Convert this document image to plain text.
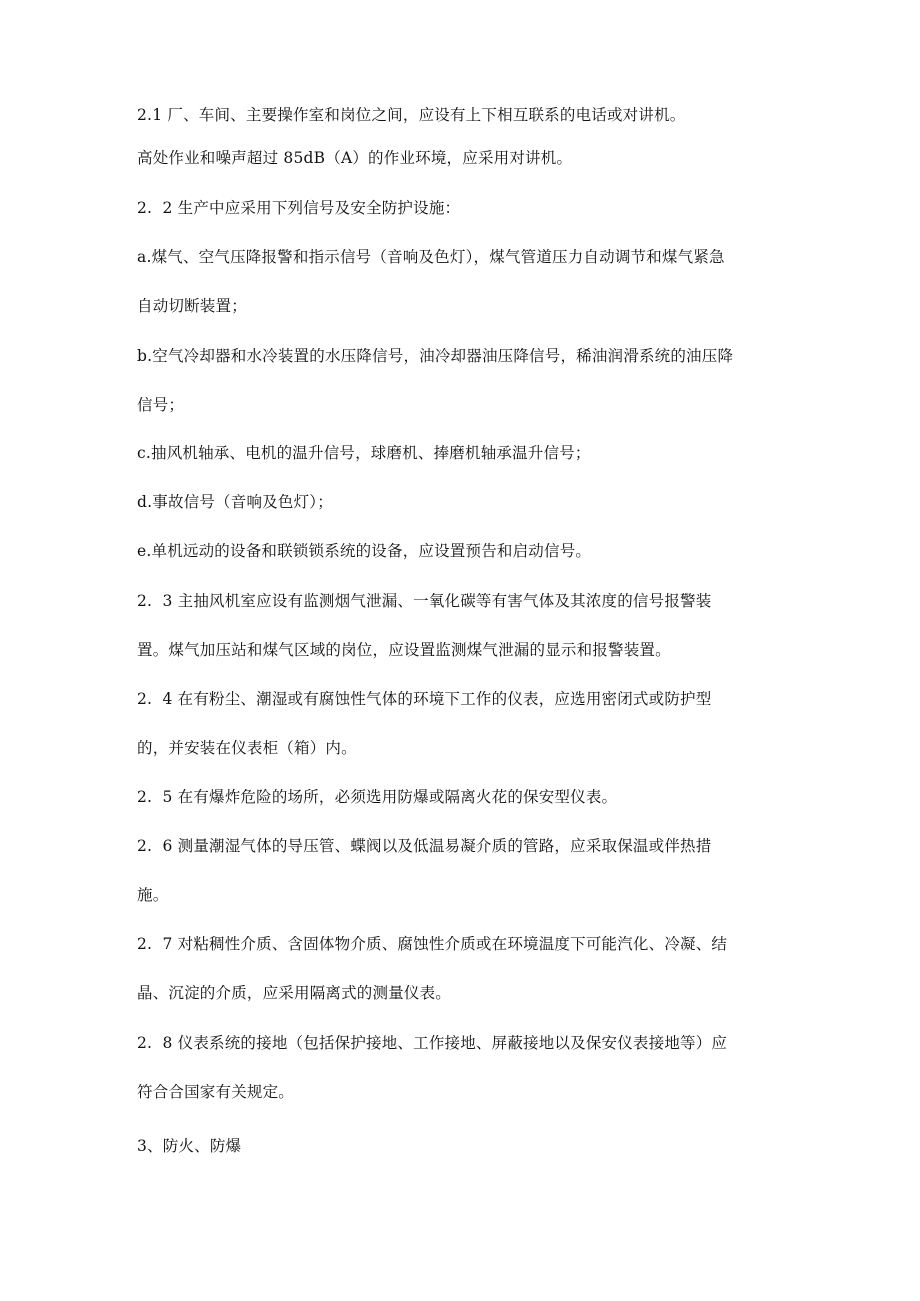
2.1 厂、车间、主要操作室和岗位之间，应设有上下相互联系的电话或对讲机。
高处作业和噪声超过 85dB（A）的作业环境，应采用对讲机。
2.  2 生产中应采用下列信号及安全防护设施：
a.煤气、空气压降报警和指示信号（音响及色灯），煤气管道压力自动调节和煤气紧急
自动切断装置；
b.空气冷却器和水冷装置的水压降信号，油冷却器油压降信号，稀油润滑系统的油压降
信号；
c.抽风机轴承、电机的温升信号，球磨机、捧磨机轴承温升信号；
d.事故信号（音响及色灯）；
e.单机远动的设备和联锁锁系统的设备，应设置预告和启动信号。
2.  3 主抽风机室应设有监测烟气泄漏、一氧化碳等有害气体及其浓度的信号报警装
置。煤气加压站和煤气区域的岗位，应设置监测煤气泄漏的显示和报警装置。
2.  4 在有粉尘、潮湿或有腐蚀性气体的环境下工作的仪表，应选用密闭式或防护型
的，并安装在仪表柜（箱）内。
2.  5 在有爆炸危险的场所，必须选用防爆或隔离火花的保安型仪表。
2.  6 测量潮湿气体的导压管、蝶阀以及低温易凝介质的管路，应采取保温或伴热措
施。
2.  7 对粘稠性介质、含固体物介质、腐蚀性介质或在环境温度下可能汽化、冷凝、结
晶、沉淀的介质，应采用隔离式的测量仪表。
2.  8 仪表系统的接地（包括保护接地、工作接地、屏蔽接地以及保安仪表接地等）应
符合合国家有关规定。
3、防火、防爆
